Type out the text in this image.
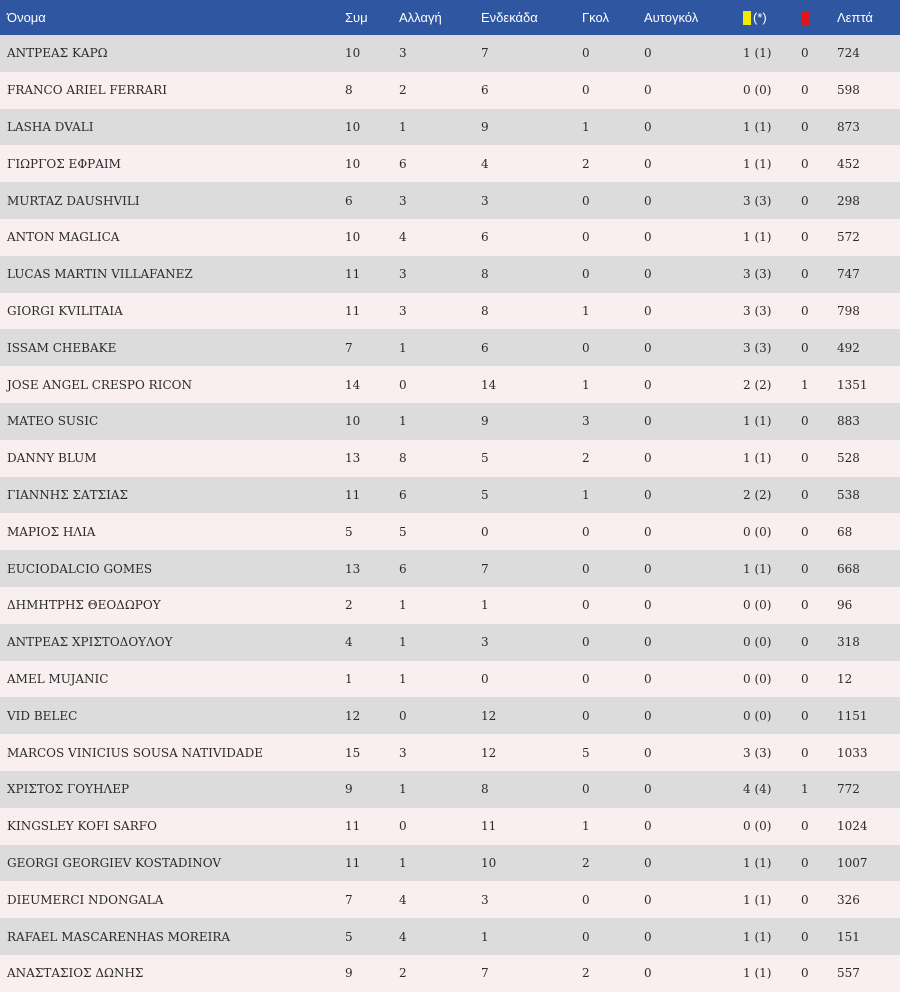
Όνομα	Συμ	Αλλαγή	Ενδεκάδα	Γκολ	Αυτογκόλ	(*)		Λεπτά
ΑΝΤΡΕΑΣ ΚΑΡΩ	10	3	7	0	0	1 (1)	0	724
FRANCO ARIEL FERRARI	8	2	6	0	0	0 (0)	0	598
LASHA DVALI	10	1	9	1	0	1 (1)	0	873
ΓΙΩΡΓΟΣ ΕΦΡΑΙΜ	10	6	4	2	0	1 (1)	0	452
MURTAZ DAUSHVILI	6	3	3	0	0	3 (3)	0	298
ANTON MAGLICA	10	4	6	0	0	1 (1)	0	572
LUCAS MARTIN VILLAFANEZ	11	3	8	0	0	3 (3)	0	747
GIORGI KVILITAIA	11	3	8	1	0	3 (3)	0	798
ISSAM CHEBAKE	7	1	6	0	0	3 (3)	0	492
JOSE ANGEL CRESPO RICON	14	0	14	1	0	2 (2)	1	1351
MATEO SUSIC	10	1	9	3	0	1 (1)	0	883
DANNY BLUM	13	8	5	2	0	1 (1)	0	528
ΓΙΑΝΝΗΣ ΣΑΤΣΙΑΣ	11	6	5	1	0	2 (2)	0	538
ΜΑΡΙΟΣ ΗΛΙΑ	5	5	0	0	0	0 (0)	0	68
EUCIODALCIO GOMES	13	6	7	0	0	1 (1)	0	668
ΔΗΜΗΤΡΗΣ ΘΕΟΔΩΡΟΥ	2	1	1	0	0	0 (0)	0	96
ΑΝΤΡΕΑΣ ΧΡΙΣΤΟΔΟΥΛΟΥ	4	1	3	0	0	0 (0)	0	318
AMEL MUJANIC	1	1	0	0	0	0 (0)	0	12
VID BELEC	12	0	12	0	0	0 (0)	0	1151
MARCOS VINICIUS SOUSA NATIVIDADE	15	3	12	5	0	3 (3)	0	1033
ΧΡΙΣΤΟΣ ΓΟΥΗΛΕΡ	9	1	8	0	0	4 (4)	1	772
KINGSLEY KOFI SARFO	11	0	11	1	0	0 (0)	0	1024
GEORGI GEORGIEV KOSTADINOV	11	1	10	2	0	1 (1)	0	1007
DIEUMERCI NDONGALA	7	4	3	0	0	1 (1)	0	326
RAFAEL MASCARENHAS MOREIRA	5	4	1	0	0	1 (1)	0	151
ΑΝΑΣΤΑΣΙΟΣ ΔΩΝΗΣ	9	2	7	2	0	1 (1)	0	557
